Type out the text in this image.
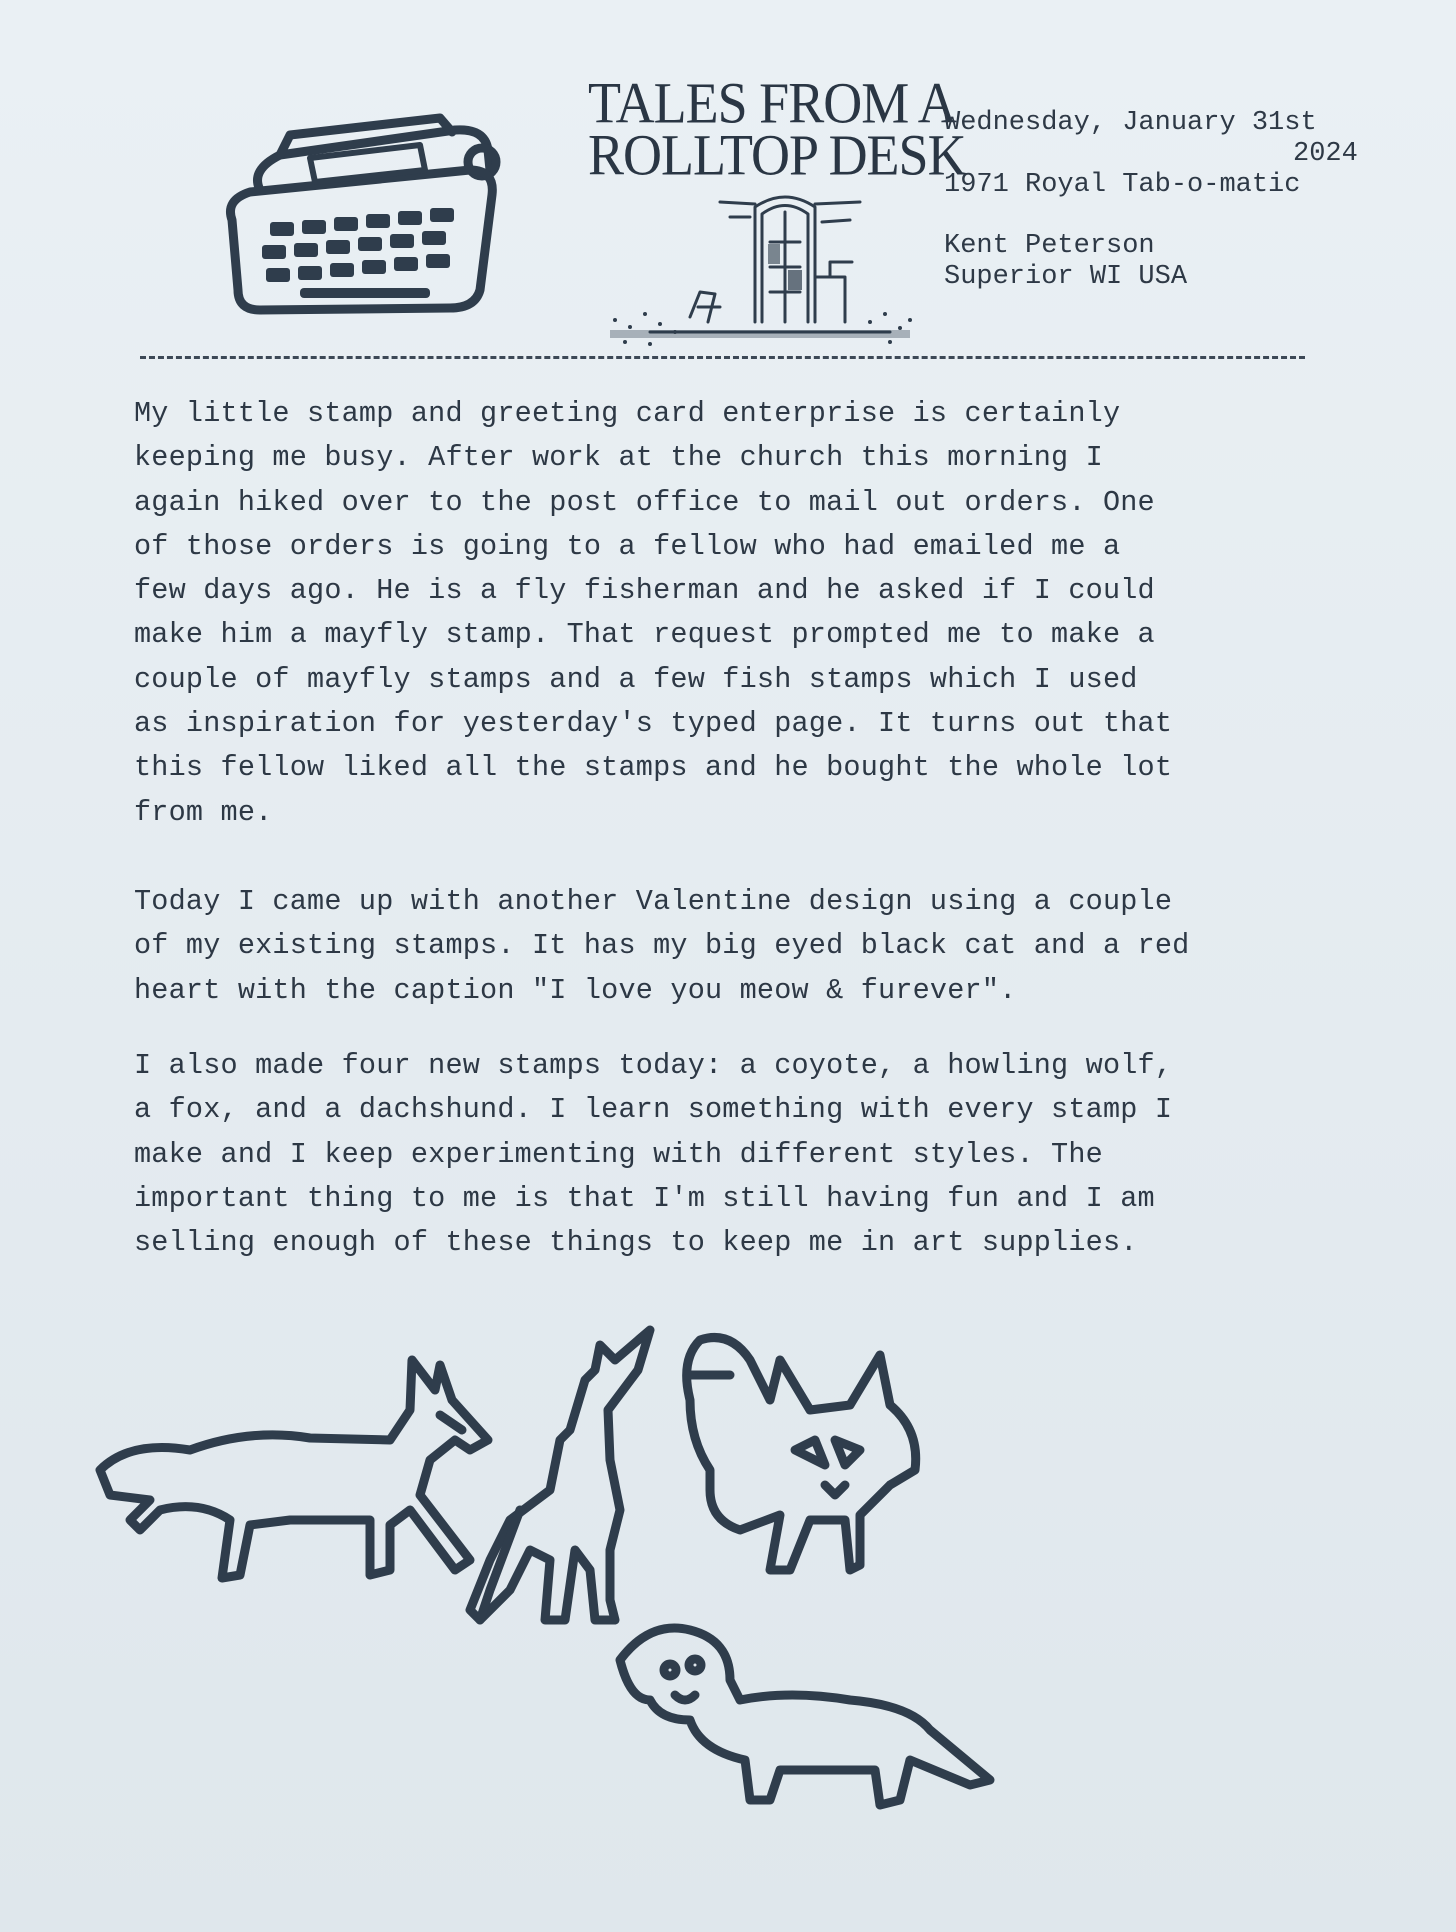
TALES FROM A
ROLLTOP DESK
Wednesday, January 31st
2024
1971 Royal Tab-o-matic
Kent Peterson
Superior WI USA
My little stamp and greeting card enterprise is certainly
keeping me busy. After work at the church this morning I
again hiked over to the post office to mail out orders. One
of those orders is going to a fellow who had emailed me a
few days ago. He is a fly fisherman and he asked if I could
make him a mayfly stamp. That request prompted me to make a
couple of mayfly stamps and a few fish stamps which I used
as inspiration for yesterday's typed page. It turns out that
this fellow liked all the stamps and he bought the whole lot
from me.
Today I came up with another Valentine design using a couple
of my existing stamps. It has my big eyed black cat and a red
heart with the caption "I love you meow & furever".
I also made four new stamps today: a coyote, a howling wolf,
a fox, and a dachshund. I learn something with every stamp I
make and I keep experimenting with different styles. The
important thing to me is that I'm still having fun and I am
selling enough of these things to keep me in art supplies.
